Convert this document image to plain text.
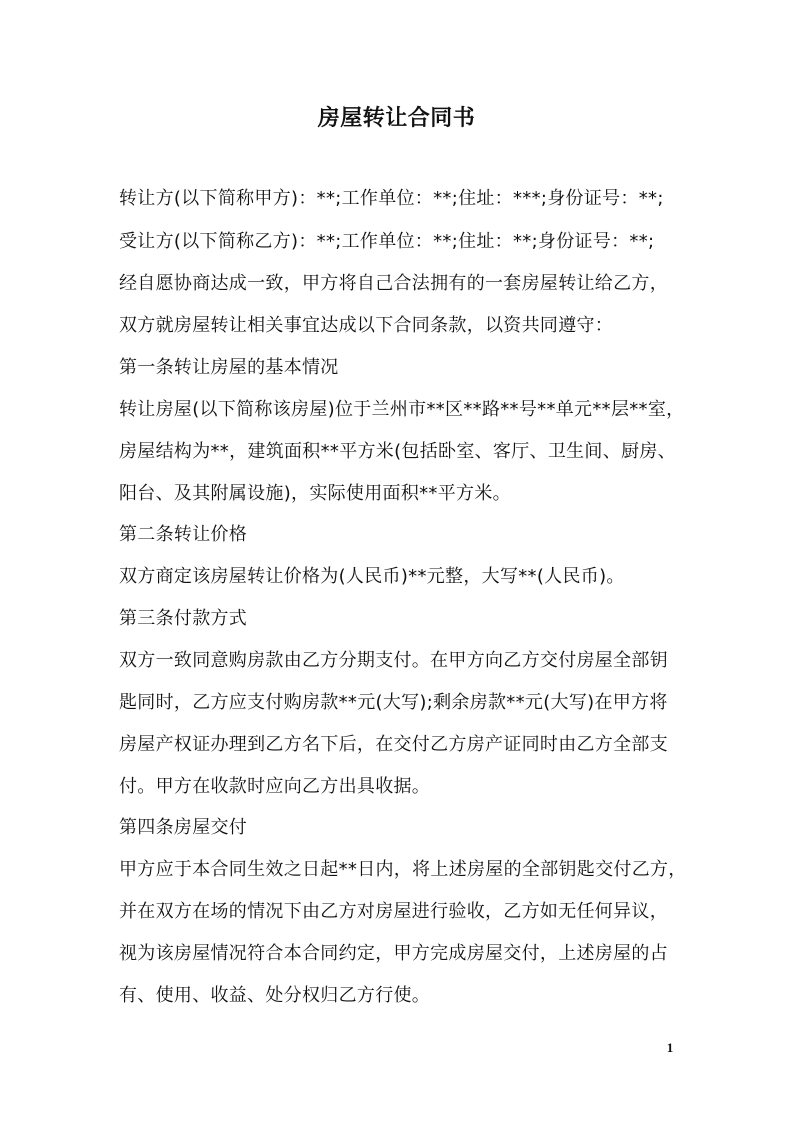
房屋转让合同书
转让方(以下简称甲方)：**;工作单位：**;住址：***;身份证号：**;
受让方(以下简称乙方)：**;工作单位：**;住址：**;身份证号：**;
经自愿协商达成一致，甲方将自己合法拥有的一套房屋转让给乙方，
双方就房屋转让相关事宜达成以下合同条款，以资共同遵守：
第一条转让房屋的基本情况
转让房屋(以下简称该房屋)位于兰州市**区**路**号**单元**层**室，
房屋结构为**，建筑面积**平方米(包括卧室、客厅、卫生间、厨房、
阳台、及其附属设施)，实际使用面积**平方米。
第二条转让价格
双方商定该房屋转让价格为(人民币)**元整，大写**(人民币)。
第三条付款方式
双方一致同意购房款由乙方分期支付。在甲方向乙方交付房屋全部钥
匙同时，乙方应支付购房款**元(大写);剩余房款**元(大写)在甲方将
房屋产权证办理到乙方名下后，在交付乙方房产证同时由乙方全部支
付。甲方在收款时应向乙方出具收据。
第四条房屋交付
甲方应于本合同生效之日起**日内，将上述房屋的全部钥匙交付乙方，
并在双方在场的情况下由乙方对房屋进行验收，乙方如无任何异议，
视为该房屋情况符合本合同约定，甲方完成房屋交付，上述房屋的占
有、使用、收益、处分权归乙方行使。
1
